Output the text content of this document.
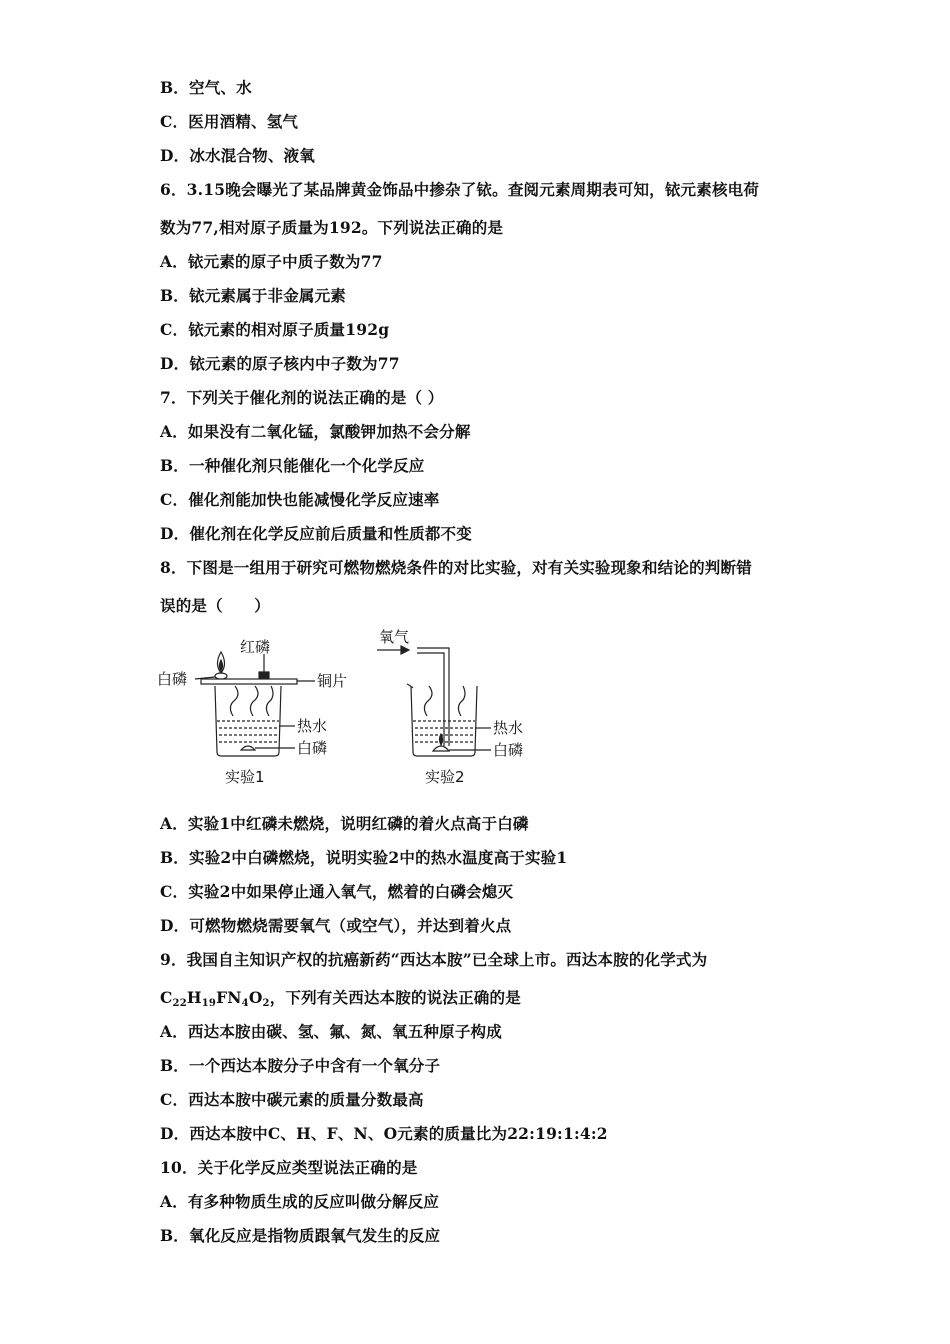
B．空气、水
C．医用酒精、氢气
D．冰水混合物、液氧
6．3.15晚会曝光了某品牌黄金饰品中掺杂了铱。查阅元素周期表可知，铱元素核电荷
数为77,相对原子质量为192。下列说法正确的是
A．铱元素的原子中质子数为77
B．铱元素属于非金属元素
C．铱元素的相对原子质量192g
D．铱元素的原子核内中子数为77
7．下列关于催化剂的说法正确的是（ ）
A．如果没有二氧化锰，氯酸钾加热不会分解
B．一种催化剂只能催化一个化学反应
C．催化剂能加快也能减慢化学反应速率
D．催化剂在化学反应前后质量和性质都不变
8．下图是一组用于研究可燃物燃烧条件的对比实验，对有关实验现象和结论的判断错
误的是（　　）
红磷
白磷	铜片
热水
白磷
实验1
氧气
热水
白磷
实验2
A．实验1中红磷未燃烧，说明红磷的着火点高于白磷
B．实验2中白磷燃烧，说明实验2中的热水温度高于实验1
C．实验2中如果停止通入氧气，燃着的白磷会熄灭
D．可燃物燃烧需要氧气（或空气），并达到着火点
9．我国自主知识产权的抗癌新药“西达本胺”已全球上市。西达本胺的化学式为
$C_{22}H_{19}FN_4O_2$，下列有关西达本胺的说法正确的是
A．西达本胺由碳、氢、氟、氮、氧五种原子构成
B．一个西达本胺分子中含有一个氧分子
C．西达本胺中碳元素的质量分数最高
D．西达本胺中C、H、F、N、O元素的质量比为22:19:1:4:2
10．关于化学反应类型说法正确的是
A．有多种物质生成的反应叫做分解反应
B．氧化反应是指物质跟氧气发生的反应
